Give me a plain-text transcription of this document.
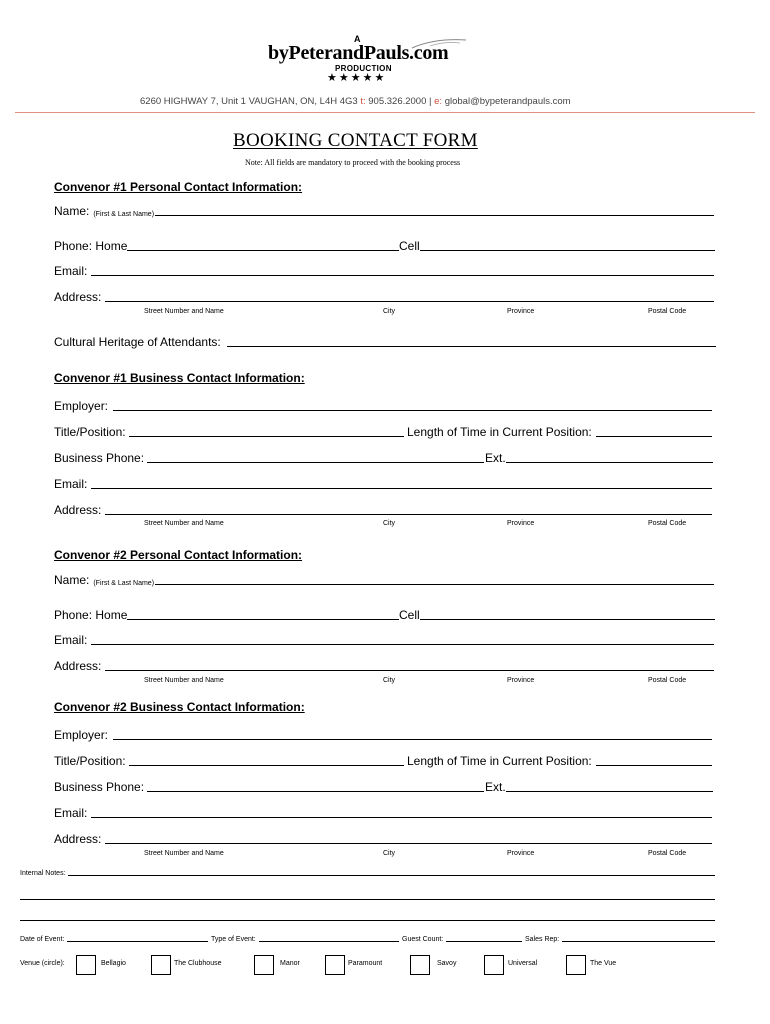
A
byPeterandPauls.com
PRODUCTION
★★★★★
6260 HIGHWAY 7, Unit 1 VAUGHAN, ON, L4H 4G3 t: 905.326.2000 | e: global@bypeterandpauls.com
BOOKING CONTACT FORM
Note: All fields are mandatory to proceed with the booking process
Convenor #1 Personal Contact Information:
Name: (First & Last Name)
Phone: Home	Cell
Email:
Address:
Street Number and Name	City	Province	Postal Code
Cultural Heritage of Attendants:
Convenor #1 Business Contact Information:
Employer:
Title/Position:	Length of Time in Current Position:
Business Phone:	Ext.
Email:
Address:
Street Number and Name	City	Province	Postal Code
Convenor #2 Personal Contact Information:
Name: (First & Last Name)
Phone: Home	Cell
Email:
Address:
Street Number and Name	City	Province	Postal Code
Convenor #2 Business Contact Information:
Employer:
Title/Position:	Length of Time in Current Position:
Business Phone:	Ext.
Email:
Address:
Street Number and Name	City	Province	Postal Code
Internal Notes:
Date of Event:	Type of Event:	Guest Count:	Sales Rep:
Venue (circle):	Bellagio	The Clubhouse	Manor	Paramount	Savoy	Universal	The Vue
